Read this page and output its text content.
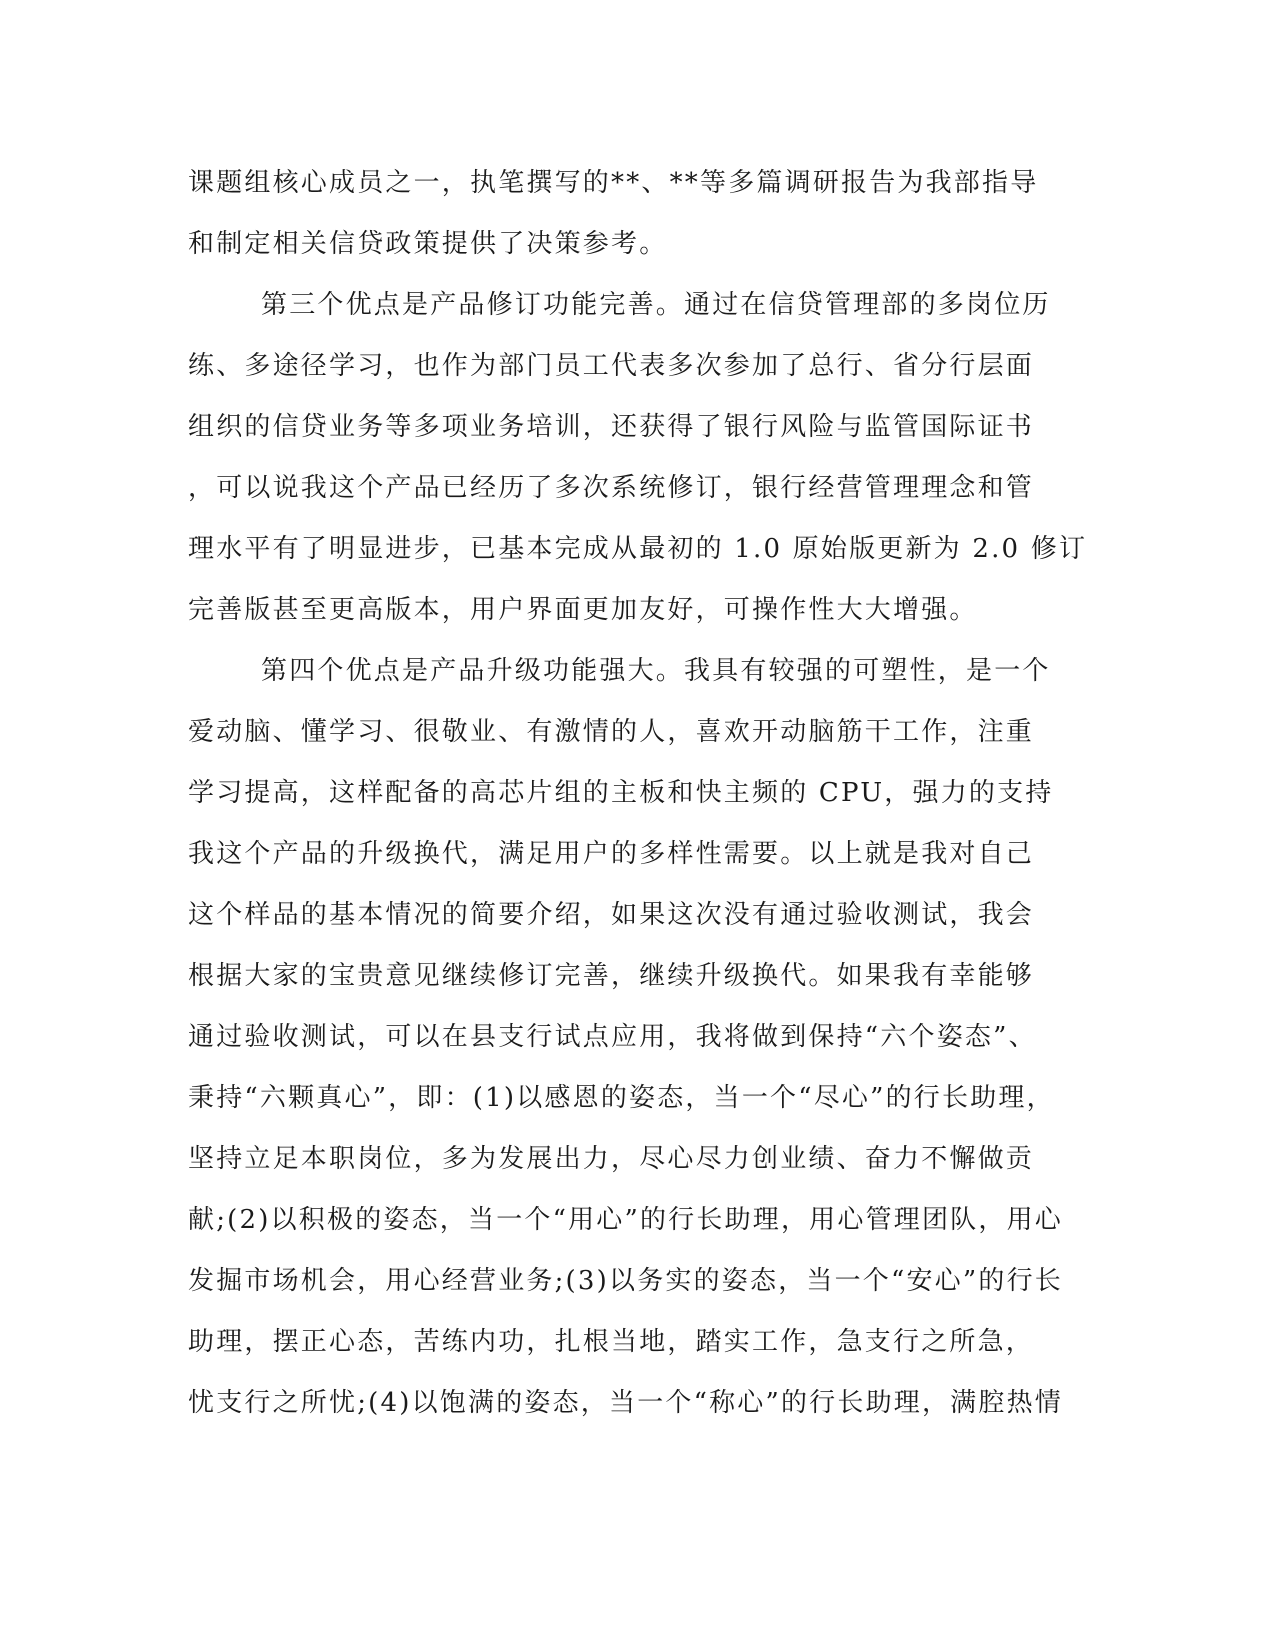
课题组核心成员之一，执笔撰写的**、**等多篇调研报告为我部指导
和制定相关信贷政策提供了决策参考。
第三个优点是产品修订功能完善。通过在信贷管理部的多岗位历
练、多途径学习，也作为部门员工代表多次参加了总行、省分行层面
组织的信贷业务等多项业务培训，还获得了银行风险与监管国际证书
，可以说我这个产品已经历了多次系统修订，银行经营管理理念和管
理水平有了明显进步，已基本完成从最初的 1.0 原始版更新为 2.0 修订
完善版甚至更高版本，用户界面更加友好，可操作性大大增强。
第四个优点是产品升级功能强大。我具有较强的可塑性，是一个
爱动脑、懂学习、很敬业、有激情的人，喜欢开动脑筋干工作，注重
学习提高，这样配备的高芯片组的主板和快主频的 CPU，强力的支持
我这个产品的升级换代，满足用户的多样性需要。以上就是我对自己
这个样品的基本情况的简要介绍，如果这次没有通过验收测试，我会
根据大家的宝贵意见继续修订完善，继续升级换代。如果我有幸能够
通过验收测试，可以在县支行试点应用，我将做到保持“六个姿态”、
秉持“六颗真心”，即：(1)以感恩的姿态，当一个“尽心”的行长助理，
坚持立足本职岗位，多为发展出力，尽心尽力创业绩、奋力不懈做贡
献;(2)以积极的姿态，当一个“用心”的行长助理，用心管理团队，用心
发掘市场机会，用心经营业务;(3)以务实的姿态，当一个“安心”的行长
助理，摆正心态，苦练内功，扎根当地，踏实工作，急支行之所急，
忧支行之所忧;(4)以饱满的姿态，当一个“称心”的行长助理，满腔热情
